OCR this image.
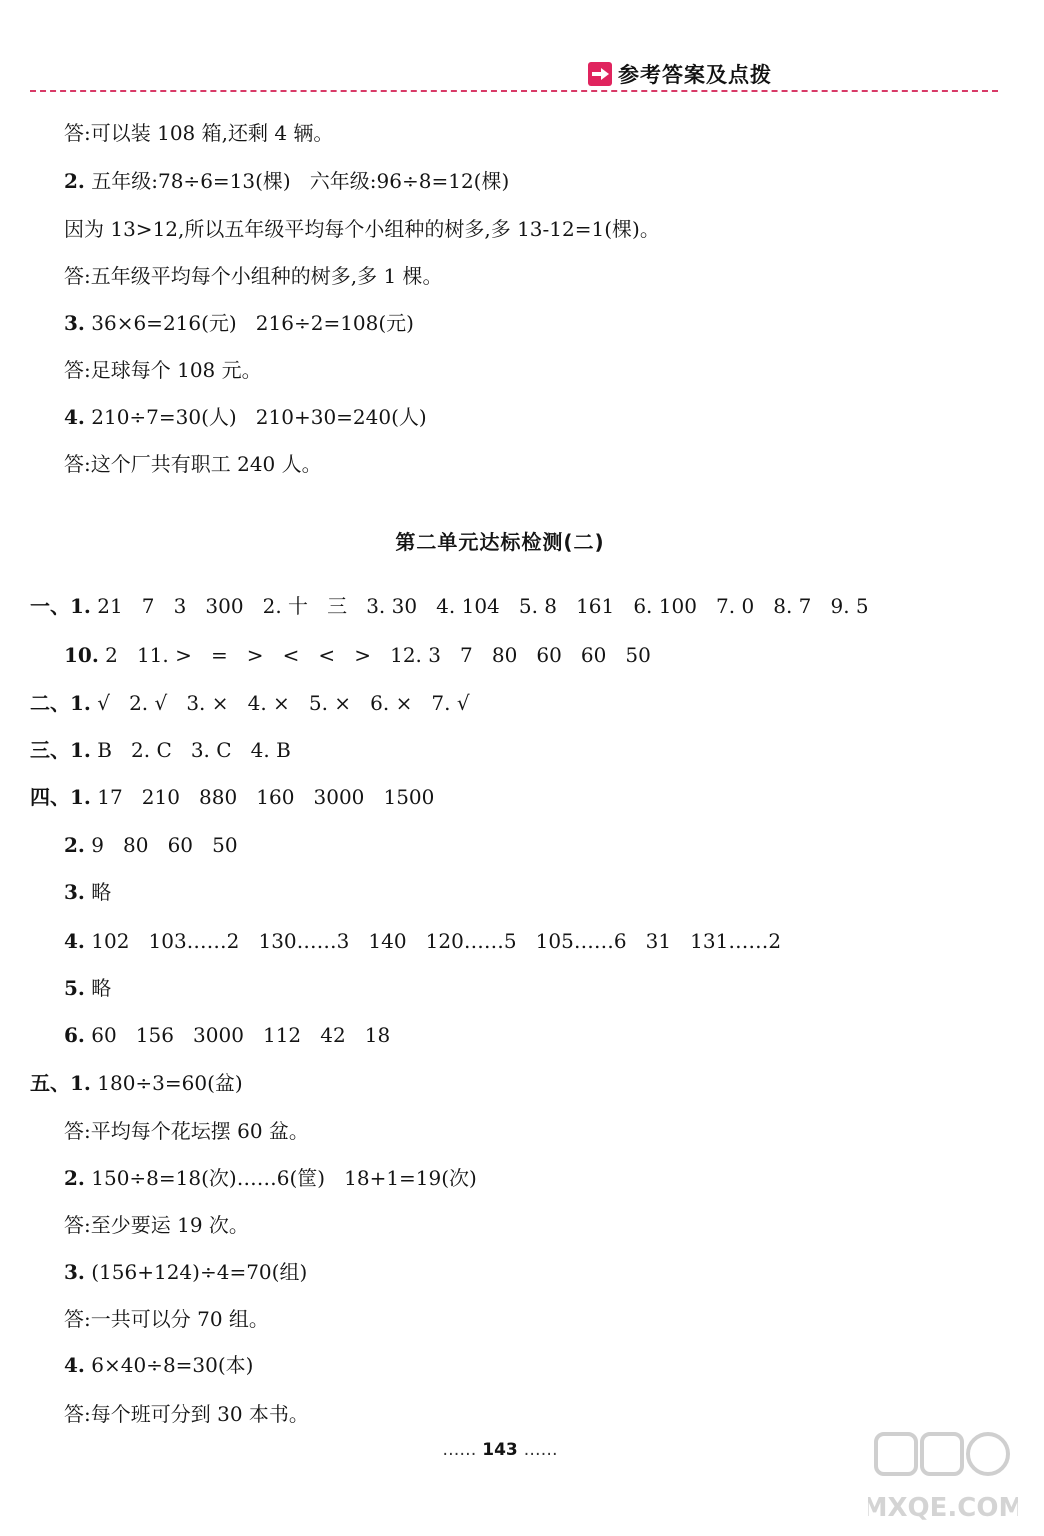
参考答案及点拨
答:可以装 108 箱,还剩 4 辆。
2. 五年级:78÷6=13(棵)   六年级:96÷8=12(棵)
因为 13>12,所以五年级平均每个小组种的树多,多 13-12=1(棵)。
答:五年级平均每个小组种的树多,多 1 棵。
3. 36×6=216(元)   216÷2=108(元)
答:足球每个 108 元。
4. 210÷7=30(人)   210+30=240(人)
答:这个厂共有职工 240 人。
第二单元达标检测(二)
一、1. 21   7   3   300   2. 十   三   3. 30   4. 104   5. 8   161   6. 100   7. 0   8. 7   9. 5
10. 2   11. >   =   >   <   <   >   12. 3   7   80   60   60   50
二、1. √   2. √   3. ×   4. ×   5. ×   6. ×   7. √
三、1. B   2. C   3. C   4. B
四、1. 17   210   880   160   3000   1500
2. 9   80   60   50
3. 略
4. 102   103……2   130……3   140   120……5   105……6   31   131……2
5. 略
6. 60   156   3000   112   42   18
五、1. 180÷3=60(盆)
答:平均每个花坛摆 60 盆。
2. 150÷8=18(次)……6(筐)   18+1=19(次)
答:至少要运 19 次。
3. (156+124)÷4=70(组)
答:一共可以分 70 组。
4. 6×40÷8=30(本)
答:每个班可分到 30 本书。
…… 143 ……
MXQE.COM
